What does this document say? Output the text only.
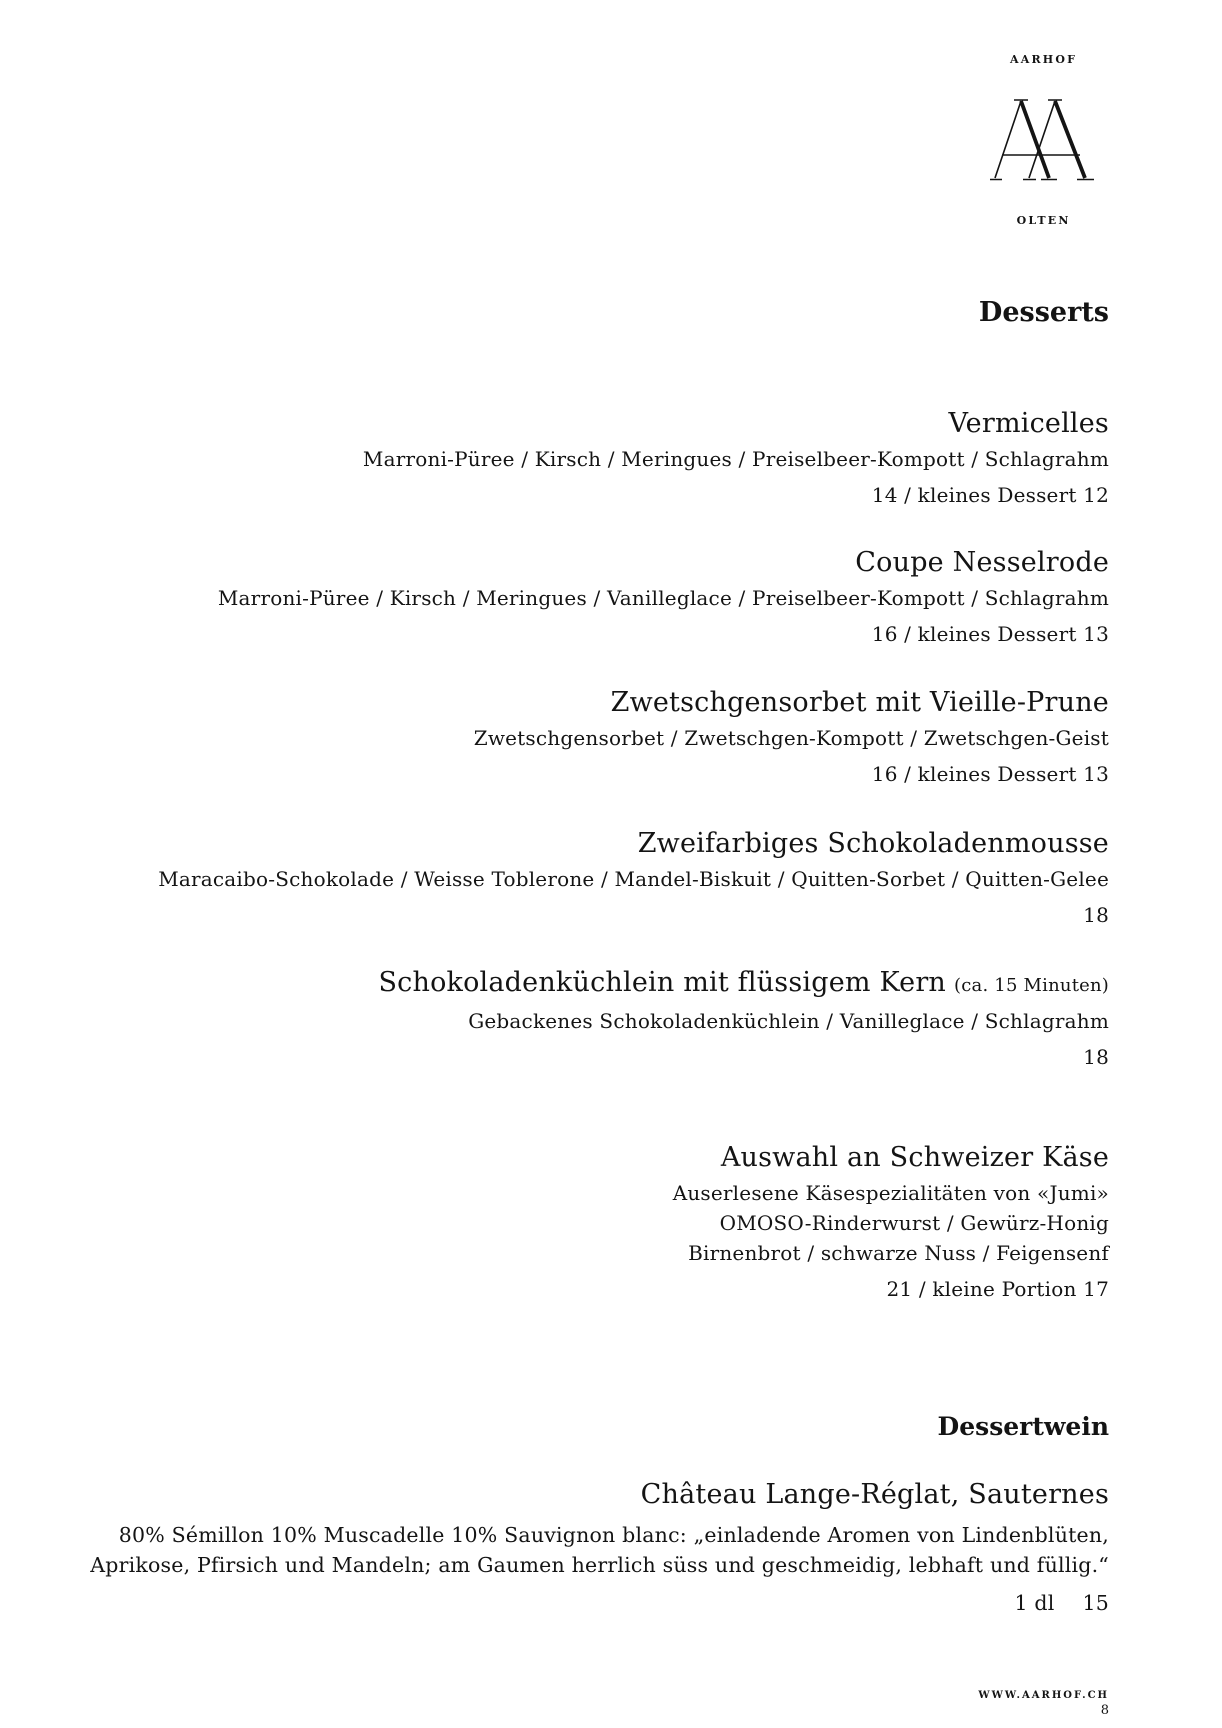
AARHOF
OLTEN
Desserts
Vermicelles
Marroni-Püree / Kirsch / Meringues / Preiselbeer-Kompott / Schlagrahm
14 / kleines Dessert 12
Coupe Nesselrode
Marroni-Püree / Kirsch / Meringues / Vanilleglace / Preiselbeer-Kompott / Schlagrahm
16 / kleines Dessert 13
Zwetschgensorbet mit Vieille-Prune
Zwetschgensorbet / Zwetschgen-Kompott / Zwetschgen-Geist
16 / kleines Dessert 13
Zweifarbiges Schokoladenmousse
Maracaibo-Schokolade / Weisse Toblerone / Mandel-Biskuit / Quitten-Sorbet / Quitten-Gelee
18
Schokoladenküchlein mit flüssigem Kern (ca. 15 Minuten)
Gebackenes Schokoladenküchlein / Vanilleglace / Schlagrahm
18
Auswahl an Schweizer Käse
Auserlesene Käsespezialitäten von «Jumi»
OMOSO-Rinderwurst / Gewürz-Honig
Birnenbrot / schwarze Nuss / Feigensenf
21 / kleine Portion 17
Dessertwein
Château Lange-Réglat, Sauternes
80% Sémillon 10% Muscadelle 10% Sauvignon blanc: „einladende Aromen von Lindenblüten,
Aprikose, Pfirsich und Mandeln; am Gaumen herrlich süss und geschmeidig, lebhaft und füllig.“
1 dl 15
WWW.AARHOF.CH
8
